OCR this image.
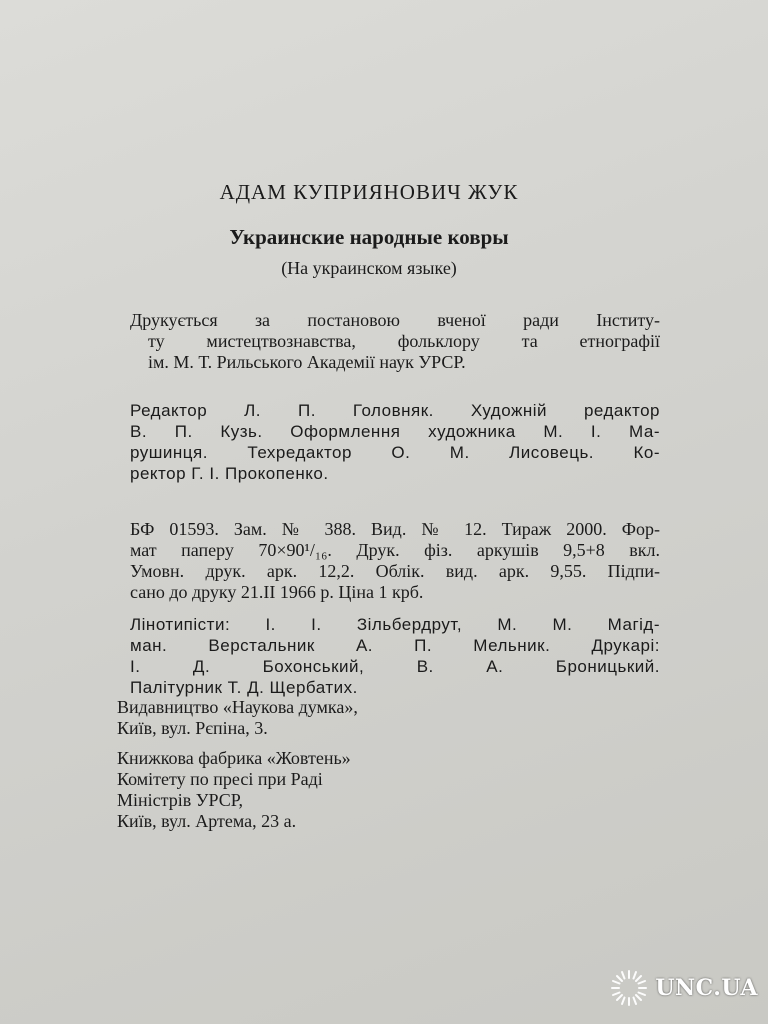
АДАМ КУПРИЯНОВИЧ ЖУК
Украинские народные ковры
(На украинском языке)
Друкується за постановою вченої ради Інститу-
ту мистецтвознавства, фольклору та етнографії
ім. М. Т. Рильського Академії наук УРСР.
Редактор Л. П. Головняк. Художній редактор
В. П. Кузь. Оформлення художника М. І. Ма-
рушинця. Техредактор О. М. Лисовець. Ко-
ректор Г. І. Прокопенко.
БФ 01593. Зам. № 388. Вид. № 12. Тираж 2000. Фор-
мат паперу 70×90¹/₁₆. Друк. фіз. аркушів 9,5+8 вкл.
Умовн. друк. арк. 12,2. Облік. вид. арк. 9,55. Підпи-
сано до друку 21.II 1966 р. Ціна 1 крб.
Лінотипісти: І. І. Зільбердрут, М. М. Магід-
ман. Верстальник А. П. Мельник. Друкарі:
І. Д. Бохонський, В. А. Броницький.
Палітурник Т. Д. Щербатих.
Видавництво «Наукова думка»,
Київ, вул. Рєпіна, 3.
Книжкова фабрика «Жовтень»
Комітету по пресі при Раді
Міністрів УРСР,
Київ, вул. Артема, 23 а.
UNC.UA
